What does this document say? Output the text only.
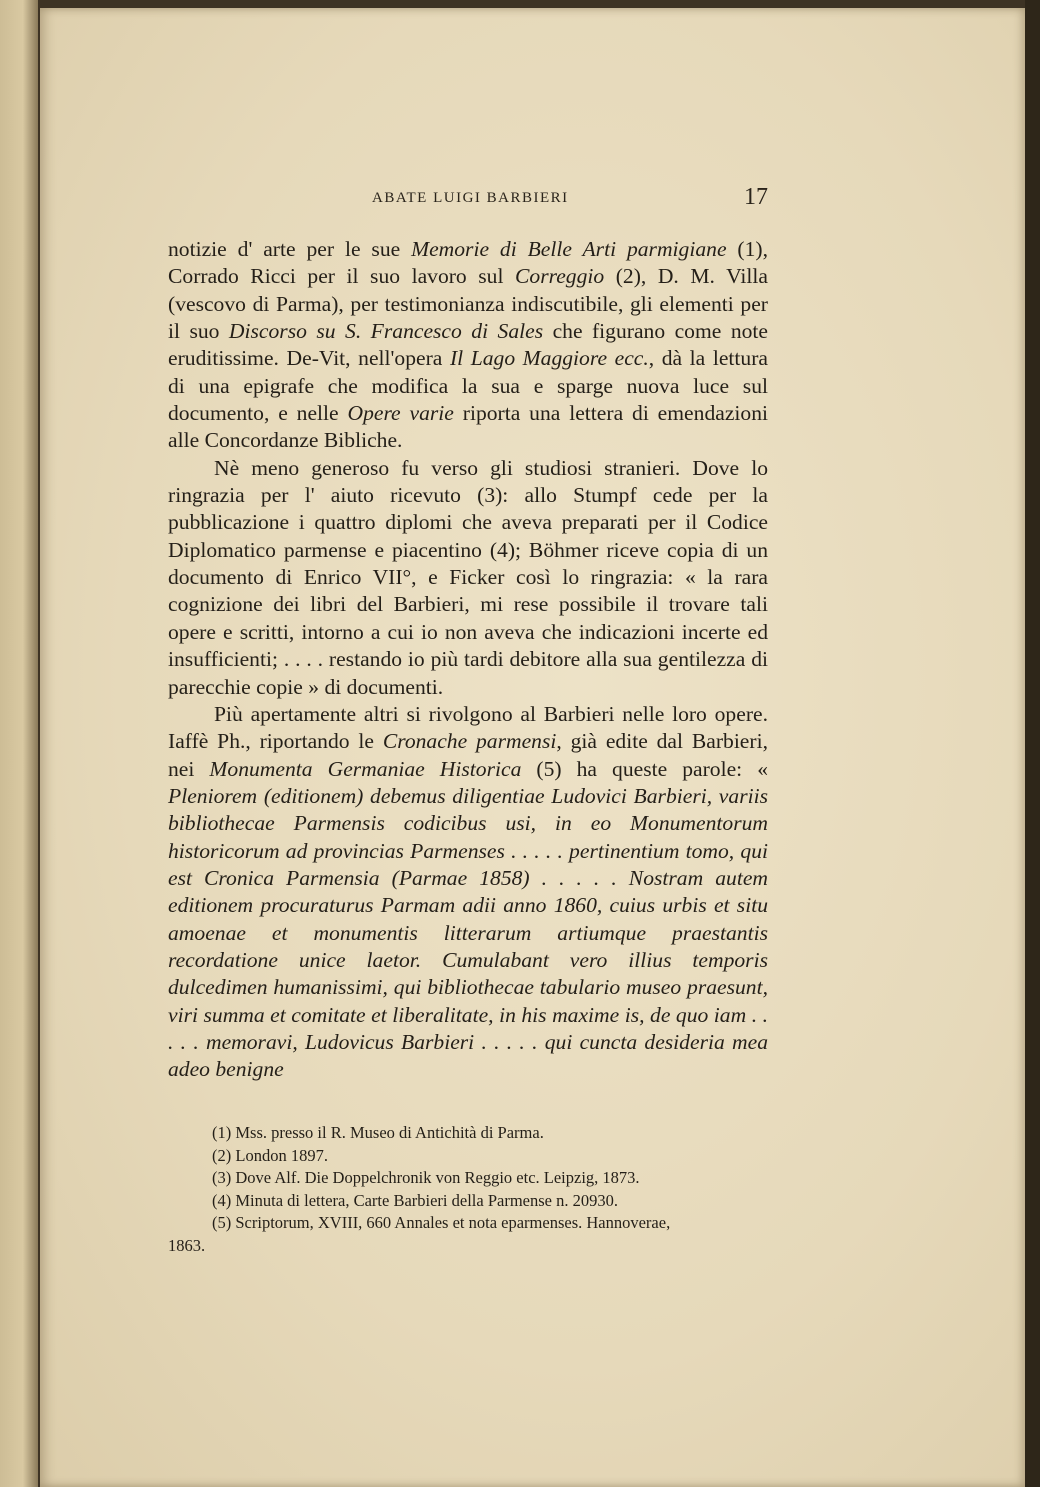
ABATE LUIGI BARBIERI	17

notizie d' arte per le sue Memorie di Belle Arti parmigiane (1), Corrado Ricci per il suo lavoro sul Correggio (2), D. M. Villa (vescovo di Parma), per testimonianza indiscutibile, gli elementi per il suo Discorso su S. Francesco di Sales che figurano come note eruditissime. De-Vit, nell'opera Il Lago Maggiore ecc., dà la lettura di una epigrafe che modifica la sua e sparge nuova luce sul documento, e nelle Opere varie riporta una lettera di emendazioni alle Concordanze Bibliche.

Nè meno generoso fu verso gli studiosi stranieri. Dove lo ringrazia per l' aiuto ricevuto (3): allo Stumpf cede per la pubblicazione i quattro diplomi che aveva preparati per il Codice Diplomatico parmense e piacentino (4); Böhmer riceve copia di un documento di Enrico VII°, e Ficker così lo ringrazia: « la rara cognizione dei libri del Barbieri, mi rese possibile il trovare tali opere e scritti, intorno a cui io non aveva che indicazioni incerte ed insufficienti; . . . . restando io più tardi debitore alla sua gentilezza di parecchie copie » di documenti.

Più apertamente altri si rivolgono al Barbieri nelle loro opere. Iaffè Ph., riportando le Cronache parmensi, già edite dal Barbieri, nei Monumenta Germaniae Historica (5) ha queste parole: « Pleniorem (editionem) debemus diligentiae Ludovici Barbieri, variis bibliothecae Parmensis codicibus usi, in eo Monumentorum historicorum ad provincias Parmenses . . . . . pertinentium tomo, qui est Cronica Parmensia (Parmae 1858) . . . . . Nostram autem editionem procuraturus Parmam adii anno 1860, cuius urbis et situ amoenae et monumentis litterarum artiumque praestantis recordatione unice laetor. Cumulabant vero illius temporis dulcedimen humanissimi, qui bibliothecae tabulario museo praesunt, viri summa et comitate et liberalitate, in his maxime is, de quo iam . . . . . memoravi, Ludovicus Barbieri . . . . . qui cuncta desideria mea adeo benigne

(1) Mss. presso il R. Museo di Antichità di Parma.

(2) London 1897.

(3) Dove Alf. Die Doppelchronik von Reggio etc. Leipzig, 1873.

(4) Minuta di lettera, Carte Barbieri della Parmense n. 20930.

(5) Scriptorum, XVIII, 660 Annales et nota eparmenses. Hannoverae,

1863.
